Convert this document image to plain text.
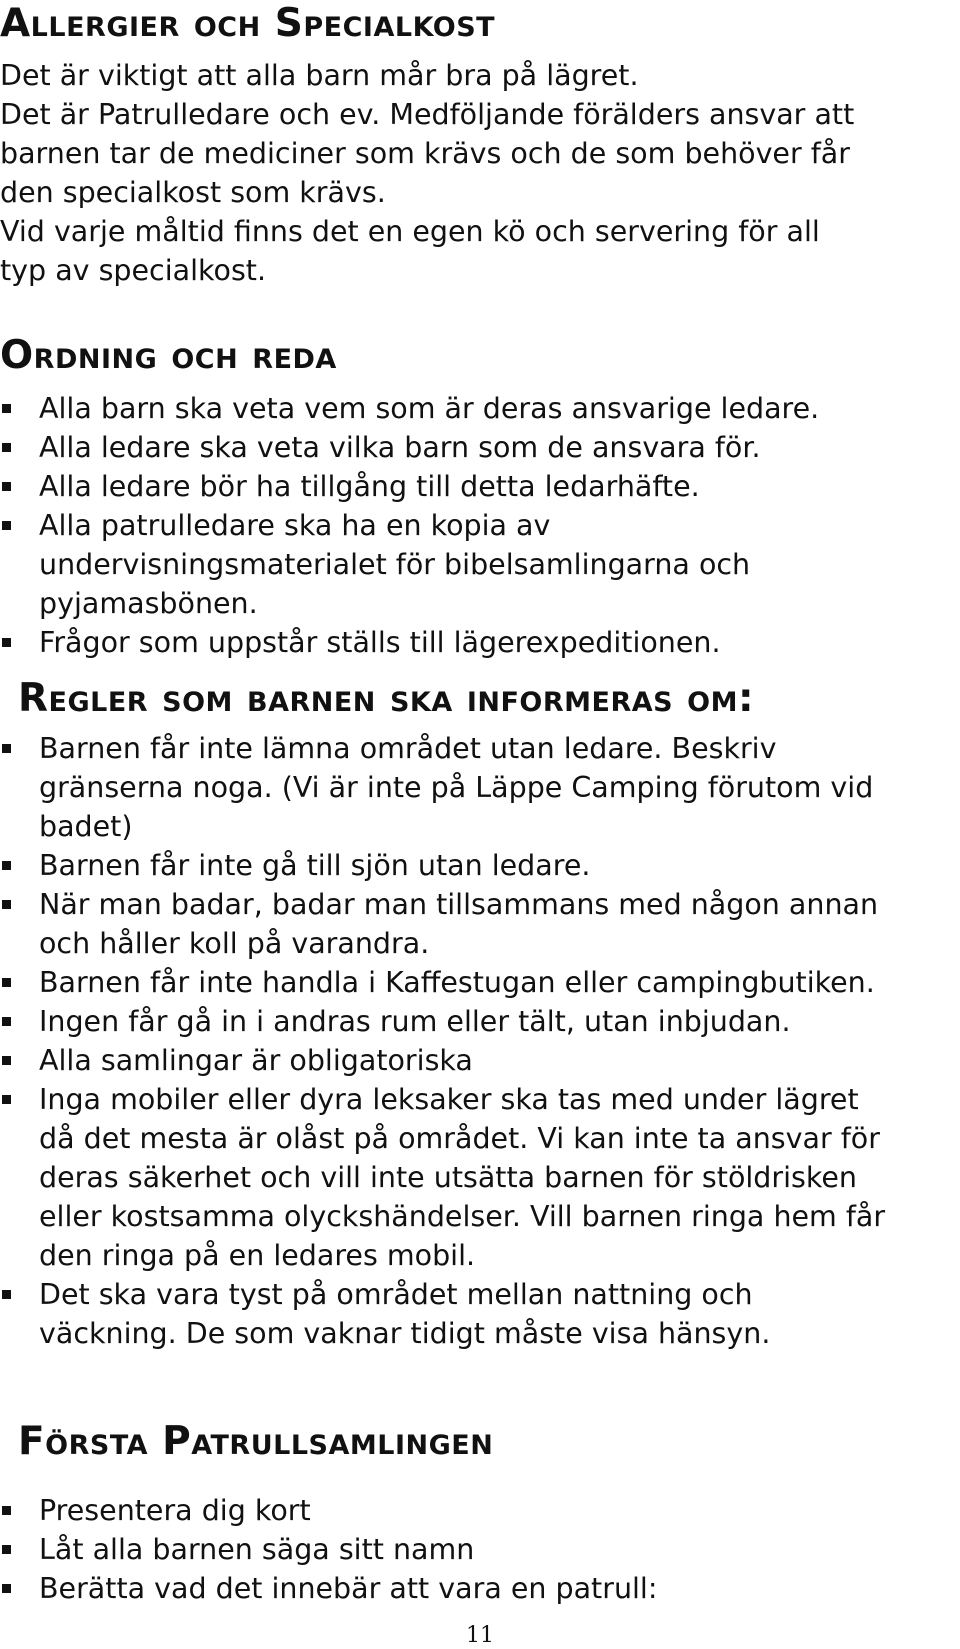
Allergier och Specialkost
Det är viktigt att alla barn mår bra på lägret.
Det är Patrulledare och ev. Medföljande förälders ansvar att
barnen tar de mediciner som krävs och de som behöver får
den specialkost som krävs.
Vid varje måltid finns det en egen kö och servering för all
typ av specialkost.
Ordning och reda
Alla barn ska veta vem som är deras ansvarige ledare.
Alla ledare ska veta vilka barn som de ansvara för.
Alla ledare bör ha tillgång till detta ledarhäfte.
Alla patrulledare ska ha en kopia av
undervisningsmaterialet för bibelsamlingarna och
pyjamasbönen.
Frågor som uppstår ställs till lägerexpeditionen.
Regler som barnen ska informeras om:
Barnen får inte lämna området utan ledare. Beskriv
gränserna noga. (Vi är inte på Läppe Camping förutom vid
badet)
Barnen får inte gå till sjön utan ledare.
När man badar, badar man tillsammans med någon annan
och håller koll på varandra.
Barnen får inte handla i Kaffestugan eller campingbutiken.
Ingen får gå in i andras rum eller tält, utan inbjudan.
Alla samlingar är obligatoriska
Inga mobiler eller dyra leksaker ska tas med under lägret
då det mesta är olåst på området. Vi kan inte ta ansvar för
deras säkerhet och vill inte utsätta barnen för stöldrisken
eller kostsamma olyckshändelser. Vill barnen ringa hem får
den ringa på en ledares mobil.
Det ska vara tyst på området mellan nattning och
väckning. De som vaknar tidigt måste visa hänsyn.
Första Patrullsamlingen
Presentera dig kort
Låt alla barnen säga sitt namn
Berätta vad det innebär att vara en patrull:
11
